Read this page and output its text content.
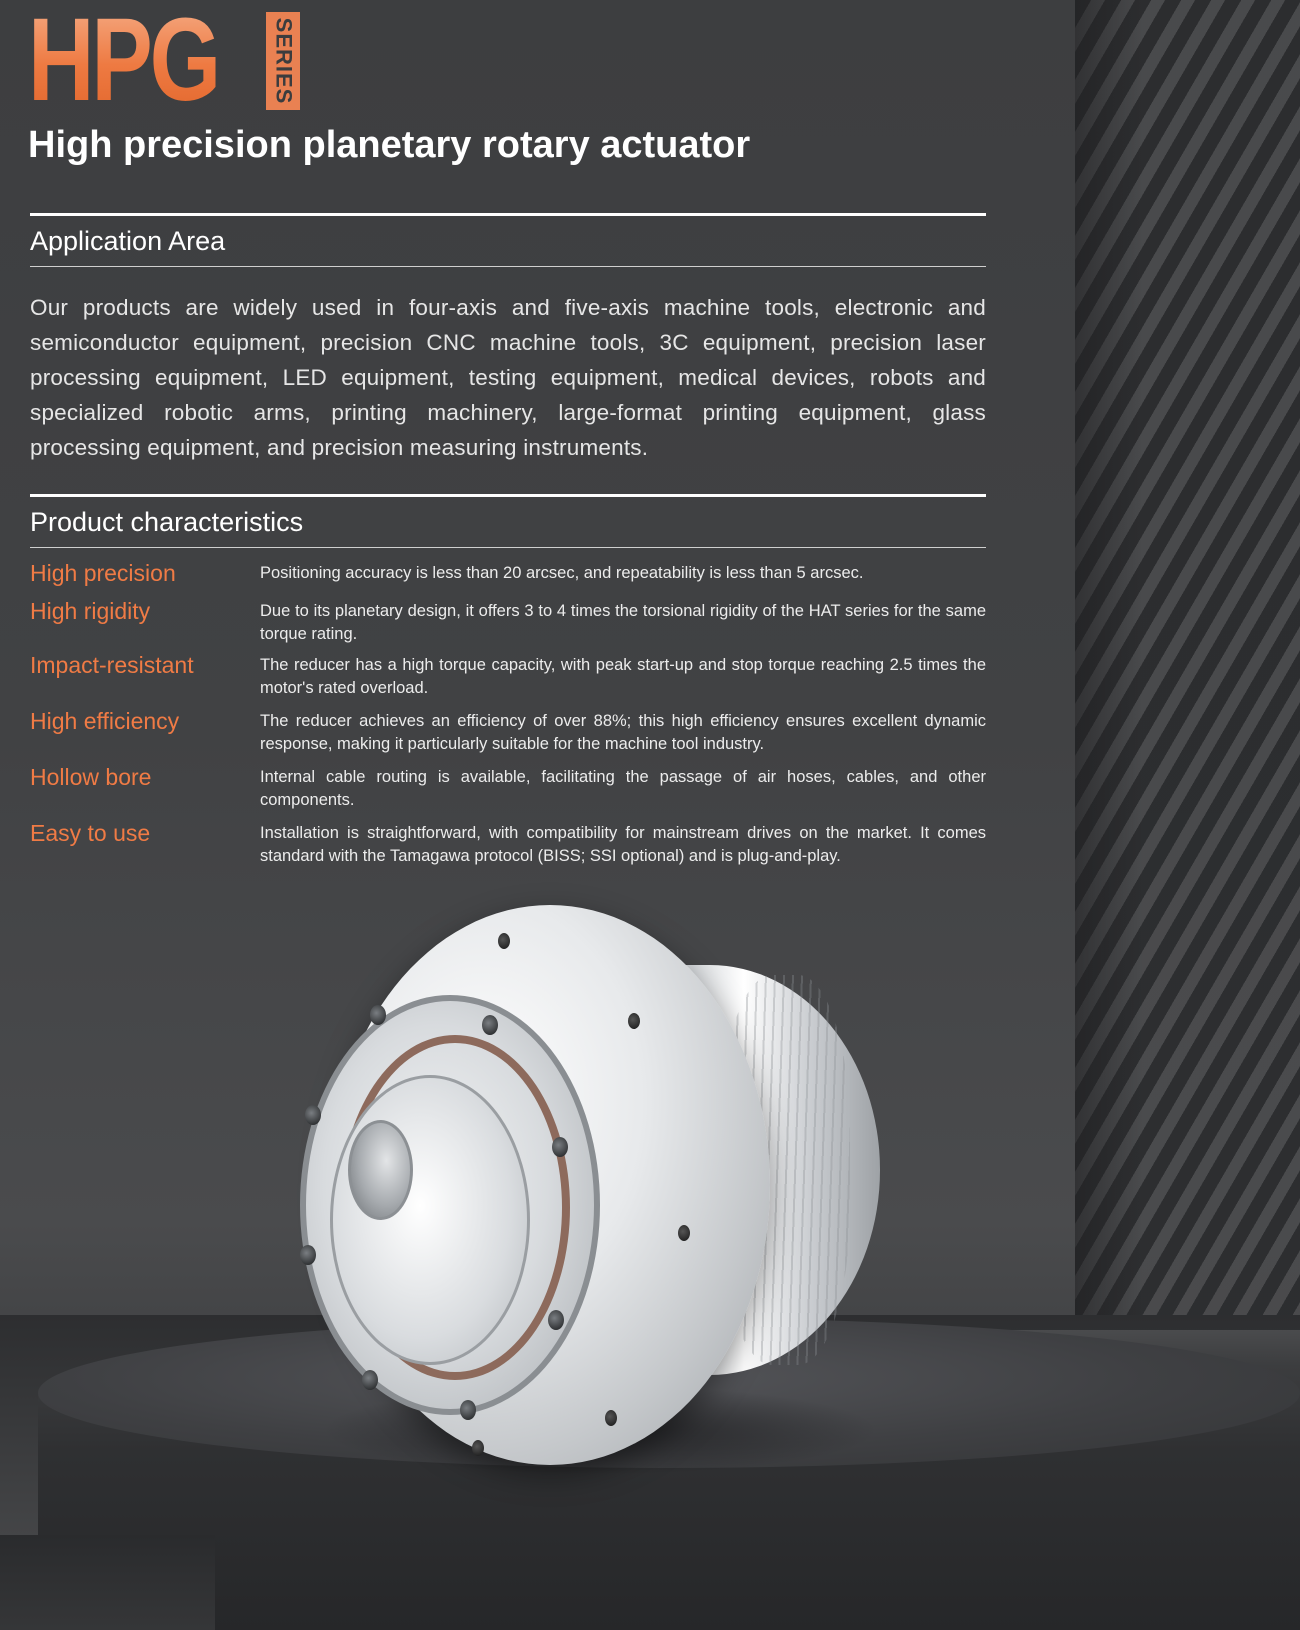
HPG SERIES
High precision planetary rotary actuator
Application Area
Our products are widely used in four-axis and five-axis machine tools, electronic and semiconductor equipment, precision CNC machine tools, 3C equipment, precision laser processing equipment, LED equipment, testing equipment, medical devices, robots and specialized robotic arms, printing machinery, large-format printing equipment, glass processing equipment, and precision measuring instruments.
Product characteristics
High precision	Positioning accuracy is less than 20 arcsec, and repeatability is less than 5 arcsec.
High rigidity	Due to its planetary design, it offers 3 to 4 times the torsional rigidity of the HAT series for the same torque rating.
Impact-resistant	The reducer has a high torque capacity, with peak start-up and stop torque reaching 2.5 times the motor's rated overload.
High efficiency	The reducer achieves an efficiency of over 88%; this high efficiency ensures excellent dynamic response, making it particularly suitable for the machine tool industry.
Hollow bore	Internal cable routing is available, facilitating the passage of air hoses, cables, and other components.
Easy to use	Installation is straightforward, with compatibility for mainstream drives on the market. It comes standard with the Tamagawa protocol (BISS; SSI optional) and is plug-and-play.
